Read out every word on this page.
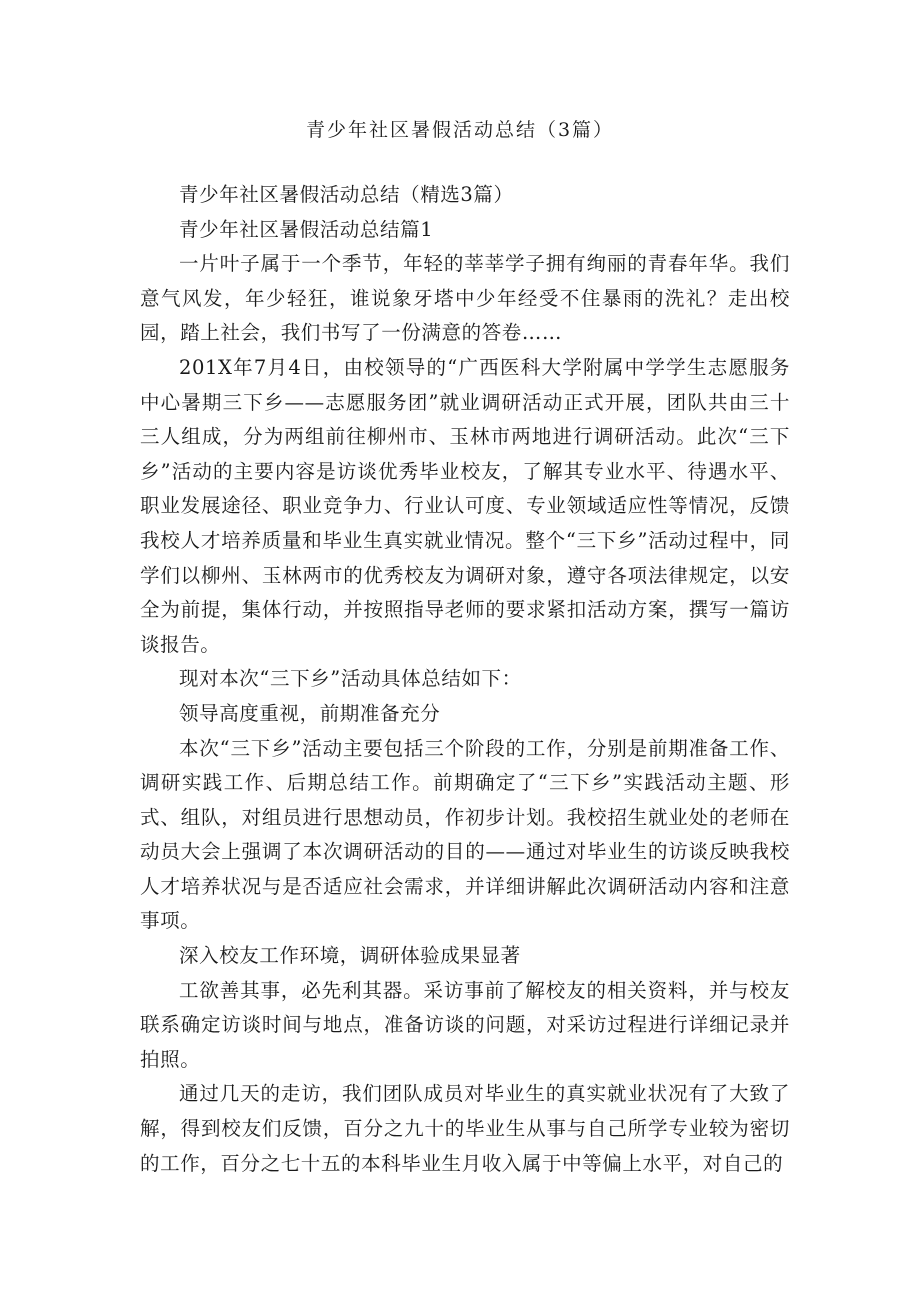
青少年社区暑假活动总结（3篇）

青少年社区暑假活动总结（精选3篇）

青少年社区暑假活动总结篇1

一片叶子属于一个季节，年轻的莘莘学子拥有绚丽的青春年华。我们意气风发，年少轻狂，谁说象牙塔中少年经受不住暴雨的洗礼？走出校园，踏上社会，我们书写了一份满意的答卷……

201X年7月4日，由校领导的“广西医科大学附属中学学生志愿服务中心暑期三下乡——志愿服务团”就业调研活动正式开展，团队共由三十三人组成，分为两组前往柳州市、玉林市两地进行调研活动。此次“三下乡”活动的主要内容是访谈优秀毕业校友，了解其专业水平、待遇水平、职业发展途径、职业竞争力、行业认可度、专业领域适应性等情况，反馈我校人才培养质量和毕业生真实就业情况。整个“三下乡”活动过程中，同学们以柳州、玉林两市的优秀校友为调研对象，遵守各项法律规定，以安全为前提，集体行动，并按照指导老师的要求紧扣活动方案，撰写一篇访谈报告。

现对本次“三下乡”活动具体总结如下：

领导高度重视，前期准备充分

本次“三下乡”活动主要包括三个阶段的工作，分别是前期准备工作、调研实践工作、后期总结工作。前期确定了“三下乡”实践活动主题、形式、组队，对组员进行思想动员，作初步计划。我校招生就业处的老师在动员大会上强调了本次调研活动的目的——通过对毕业生的访谈反映我校人才培养状况与是否适应社会需求，并详细讲解此次调研活动内容和注意事项。

深入校友工作环境，调研体验成果显著

工欲善其事，必先利其器。采访事前了解校友的相关资料，并与校友联系确定访谈时间与地点，准备访谈的问题，对采访过程进行详细记录并拍照。

通过几天的走访，我们团队成员对毕业生的真实就业状况有了大致了解，得到校友们反馈，百分之九十的毕业生从事与自己所学专业较为密切的工作，百分之七十五的本科毕业生月收入属于中等偏上水平，对自己的
